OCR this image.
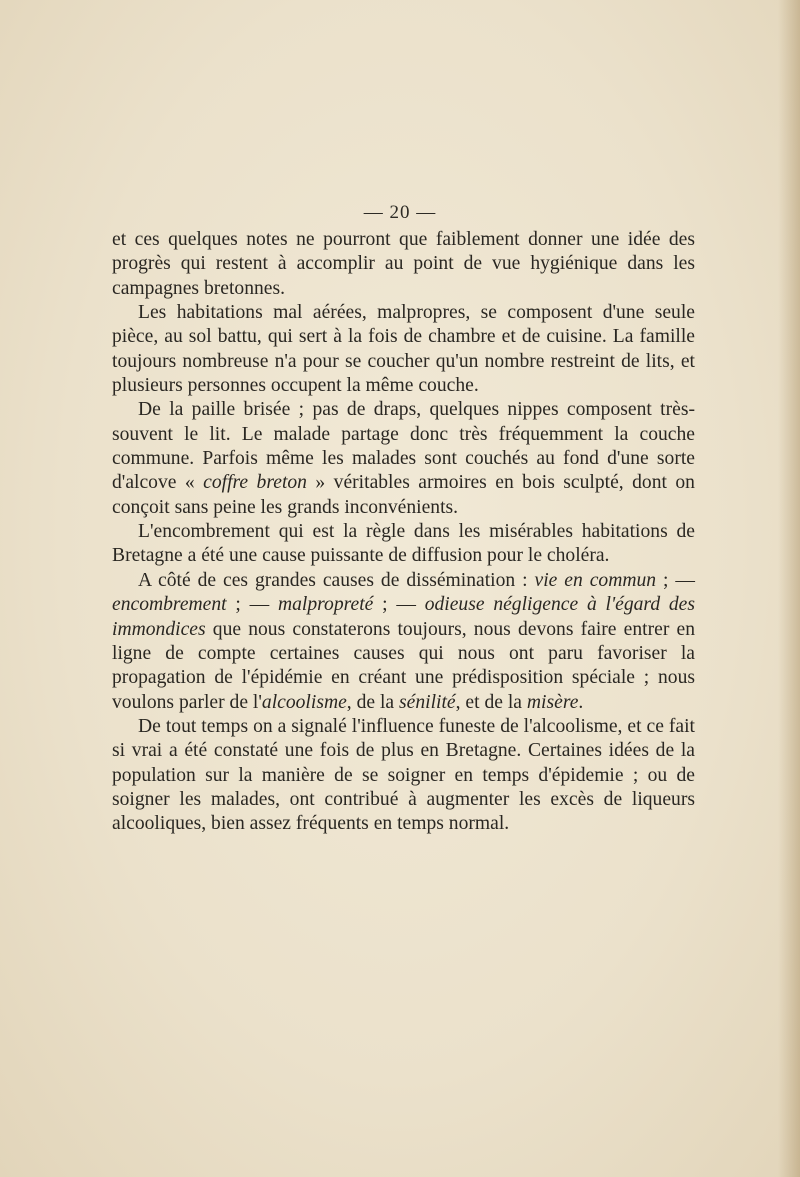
— 20 —

et ces quelques notes ne pourront que faiblement donner une idée des progrès qui restent à accomplir au point de vue hygiénique dans les campagnes bretonnes.

Les habitations mal aérées, malpropres, se composent d'une seule pièce, au sol battu, qui sert à la fois de chambre et de cuisine. La famille toujours nombreuse n'a pour se coucher qu'un nombre restreint de lits, et plusieurs personnes occupent la même couche.

De la paille brisée ; pas de draps, quelques nippes composent très-souvent le lit. Le malade partage donc très fréquemment la couche commune. Parfois même les malades sont couchés au fond d'une sorte d'alcove « coffre breton » véritables armoires en bois sculpté, dont on conçoit sans peine les grands inconvénients.

L'encombrement qui est la règle dans les misérables habitations de Bretagne a été une cause puissante de diffusion pour le choléra.

A côté de ces grandes causes de dissémination : vie en commun ; — encombrement ; — malpropreté ; — odieuse négligence à l'égard des immondices que nous constaterons toujours, nous devons faire entrer en ligne de compte certaines causes qui nous ont paru favoriser la propagation de l'épidémie en créant une prédisposition spéciale ; nous voulons parler de l'alcoolisme, de la sénilité, et de la misère.

De tout temps on a signalé l'influence funeste de l'alcoolisme, et ce fait si vrai a été constaté une fois de plus en Bretagne. Certaines idées de la population sur la manière de se soigner en temps d'épidemie ; ou de soigner les malades, ont contribué à augmenter les excès de liqueurs alcooliques, bien assez fréquents en temps normal.
